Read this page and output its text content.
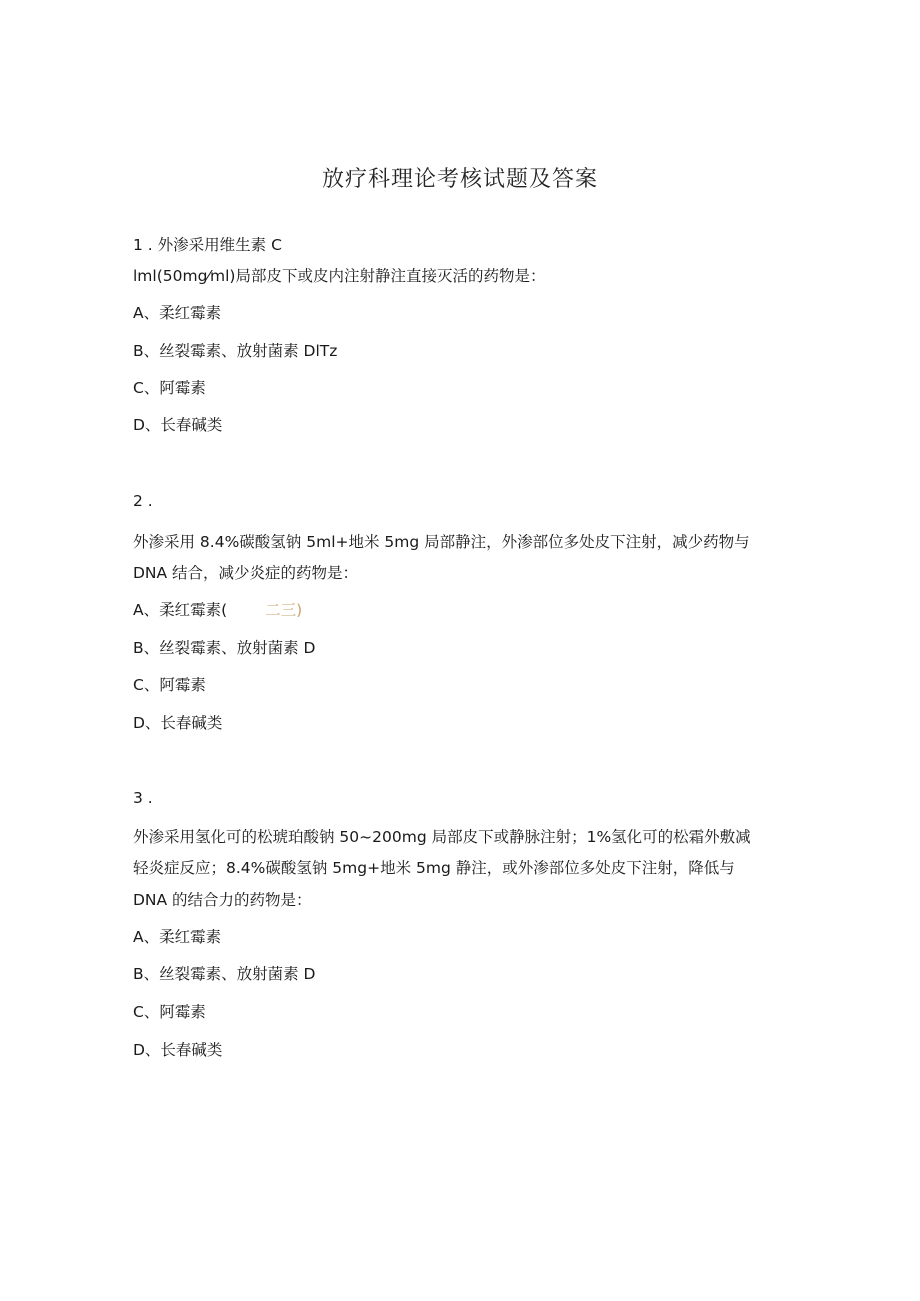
放疗科理论考核试题及答案
1 . 外渗采用维生素 C
lml(50mg⁄ml)局部皮下或皮内注射静注直接灭活的药物是：
A、柔红霉素
B、丝裂霉素、放射菌素 DlTz
C、阿霉素
D、长春碱类
2 .
外渗采用 8.4%碳酸氢钠 5ml+地米 5mg 局部静注，外渗部位多处皮下注射，减少药物与
DNA 结合，减少炎症的药物是：
A、柔红霉素( 二三)
B、丝裂霉素、放射菌素 D
C、阿霉素
D、长春碱类
3 .
外渗采用氢化可的松琥珀酸钠 50~200mg 局部皮下或静脉注射；1%氢化可的松霜外敷减
轻炎症反应；8.4%碳酸氢钠 5mg+地米 5mg 静注，或外渗部位多处皮下注射，降低与
DNA 的结合力的药物是：
A、柔红霉素
B、丝裂霉素、放射菌素 D
C、阿霉素
D、长春碱类
